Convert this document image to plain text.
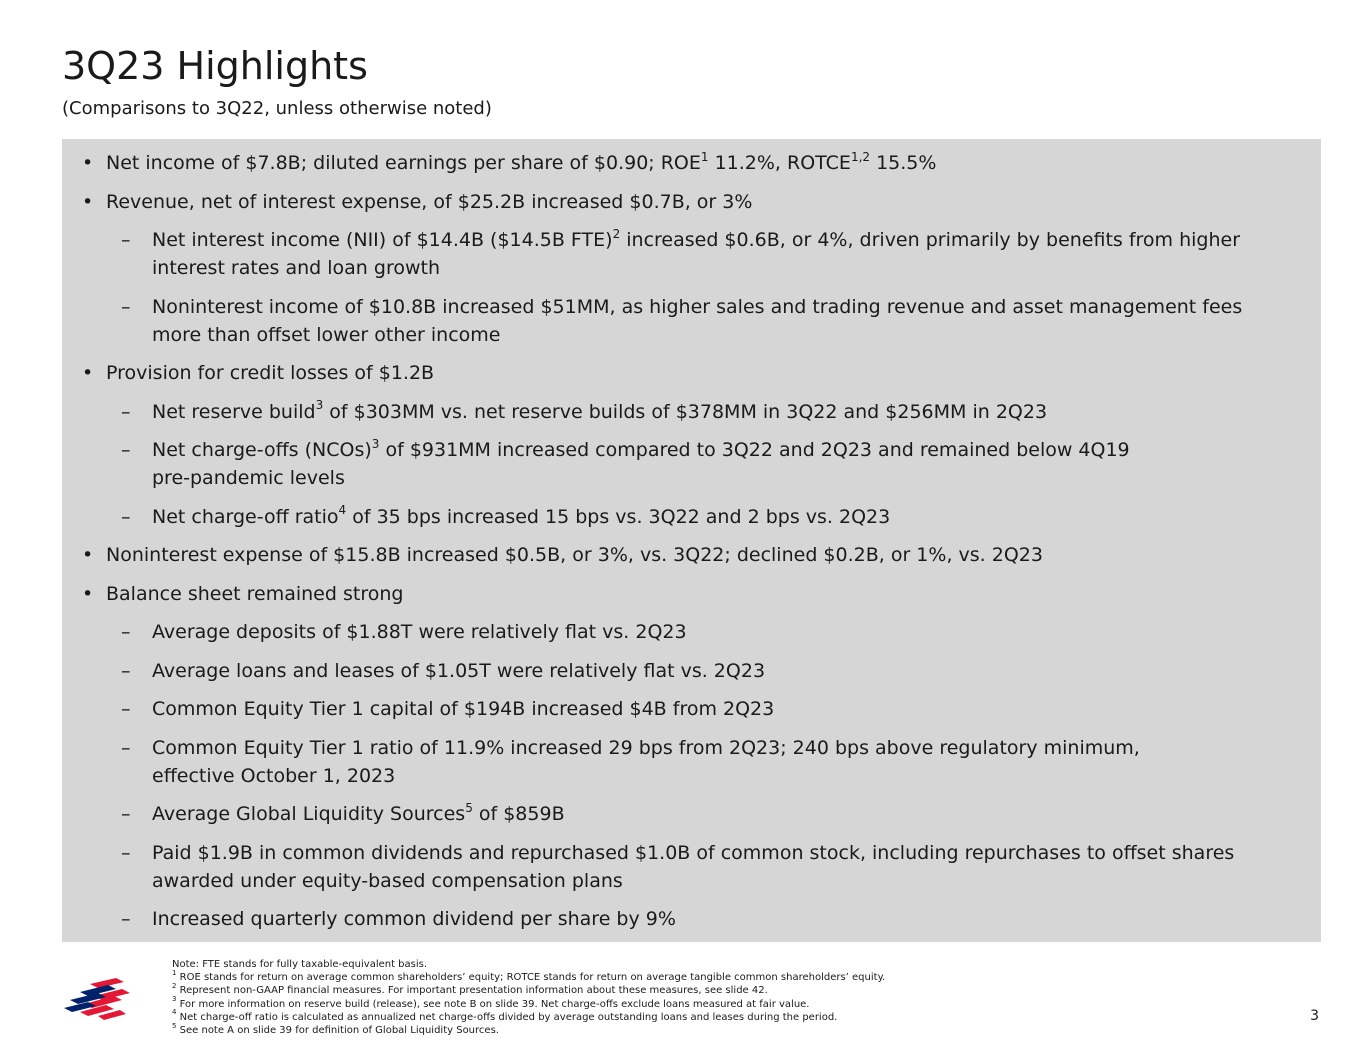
3Q23 Highlights
(Comparisons to 3Q22, unless otherwise noted)
• Net income of $7.8B; diluted earnings per share of $0.90; ROE$^1$ 11.2%, ROTCE$^{1,2}$ 15.5%
• Revenue, net of interest expense, of $25.2B increased $0.7B, or 3%
– Net interest income (NII) of $14.4B ($14.5B FTE)$^2$ increased $0.6B, or 4%, driven primarily by benefits from higher interest rates and loan growth
– Noninterest income of $10.8B increased $51MM, as higher sales and trading revenue and asset management fees more than offset lower other income
• Provision for credit losses of $1.2B
– Net reserve build$^3$ of $303MM vs. net reserve builds of $378MM in 3Q22 and $256MM in 2Q23
– Net charge-offs (NCOs)$^3$ of $931MM increased compared to 3Q22 and 2Q23 and remained below 4Q19
pre-pandemic levels
– Net charge-off ratio$^4$ of 35 bps increased 15 bps vs. 3Q22 and 2 bps vs. 2Q23
• Noninterest expense of $15.8B increased $0.5B, or 3%, vs. 3Q22; declined $0.2B, or 1%, vs. 2Q23
• Balance sheet remained strong
– Average deposits of $1.88T were relatively flat vs. 2Q23
– Average loans and leases of $1.05T were relatively flat vs. 2Q23
– Common Equity Tier 1 capital of $194B increased $4B from 2Q23
– Common Equity Tier 1 ratio of 11.9% increased 29 bps from 2Q23; 240 bps above regulatory minimum,
effective October 1, 2023
– Average Global Liquidity Sources$^5$ of $859B
– Paid $1.9B in common dividends and repurchased $1.0B of common stock, including repurchases to offset shares awarded under equity-based compensation plans
– Increased quarterly common dividend per share by 9%
Note: FTE stands for fully taxable-equivalent basis.
$^1$ ROE stands for return on average common shareholders’ equity; ROTCE stands for return on average tangible common shareholders’ equity.
$^2$ Represent non-GAAP financial measures. For important presentation information about these measures, see slide 42.
$^3$ For more information on reserve build (release), see note B on slide 39. Net charge-offs exclude loans measured at fair value.
$^4$ Net charge-off ratio is calculated as annualized net charge-offs divided by average outstanding loans and leases during the period.
$^5$ See note A on slide 39 for definition of Global Liquidity Sources.
3
